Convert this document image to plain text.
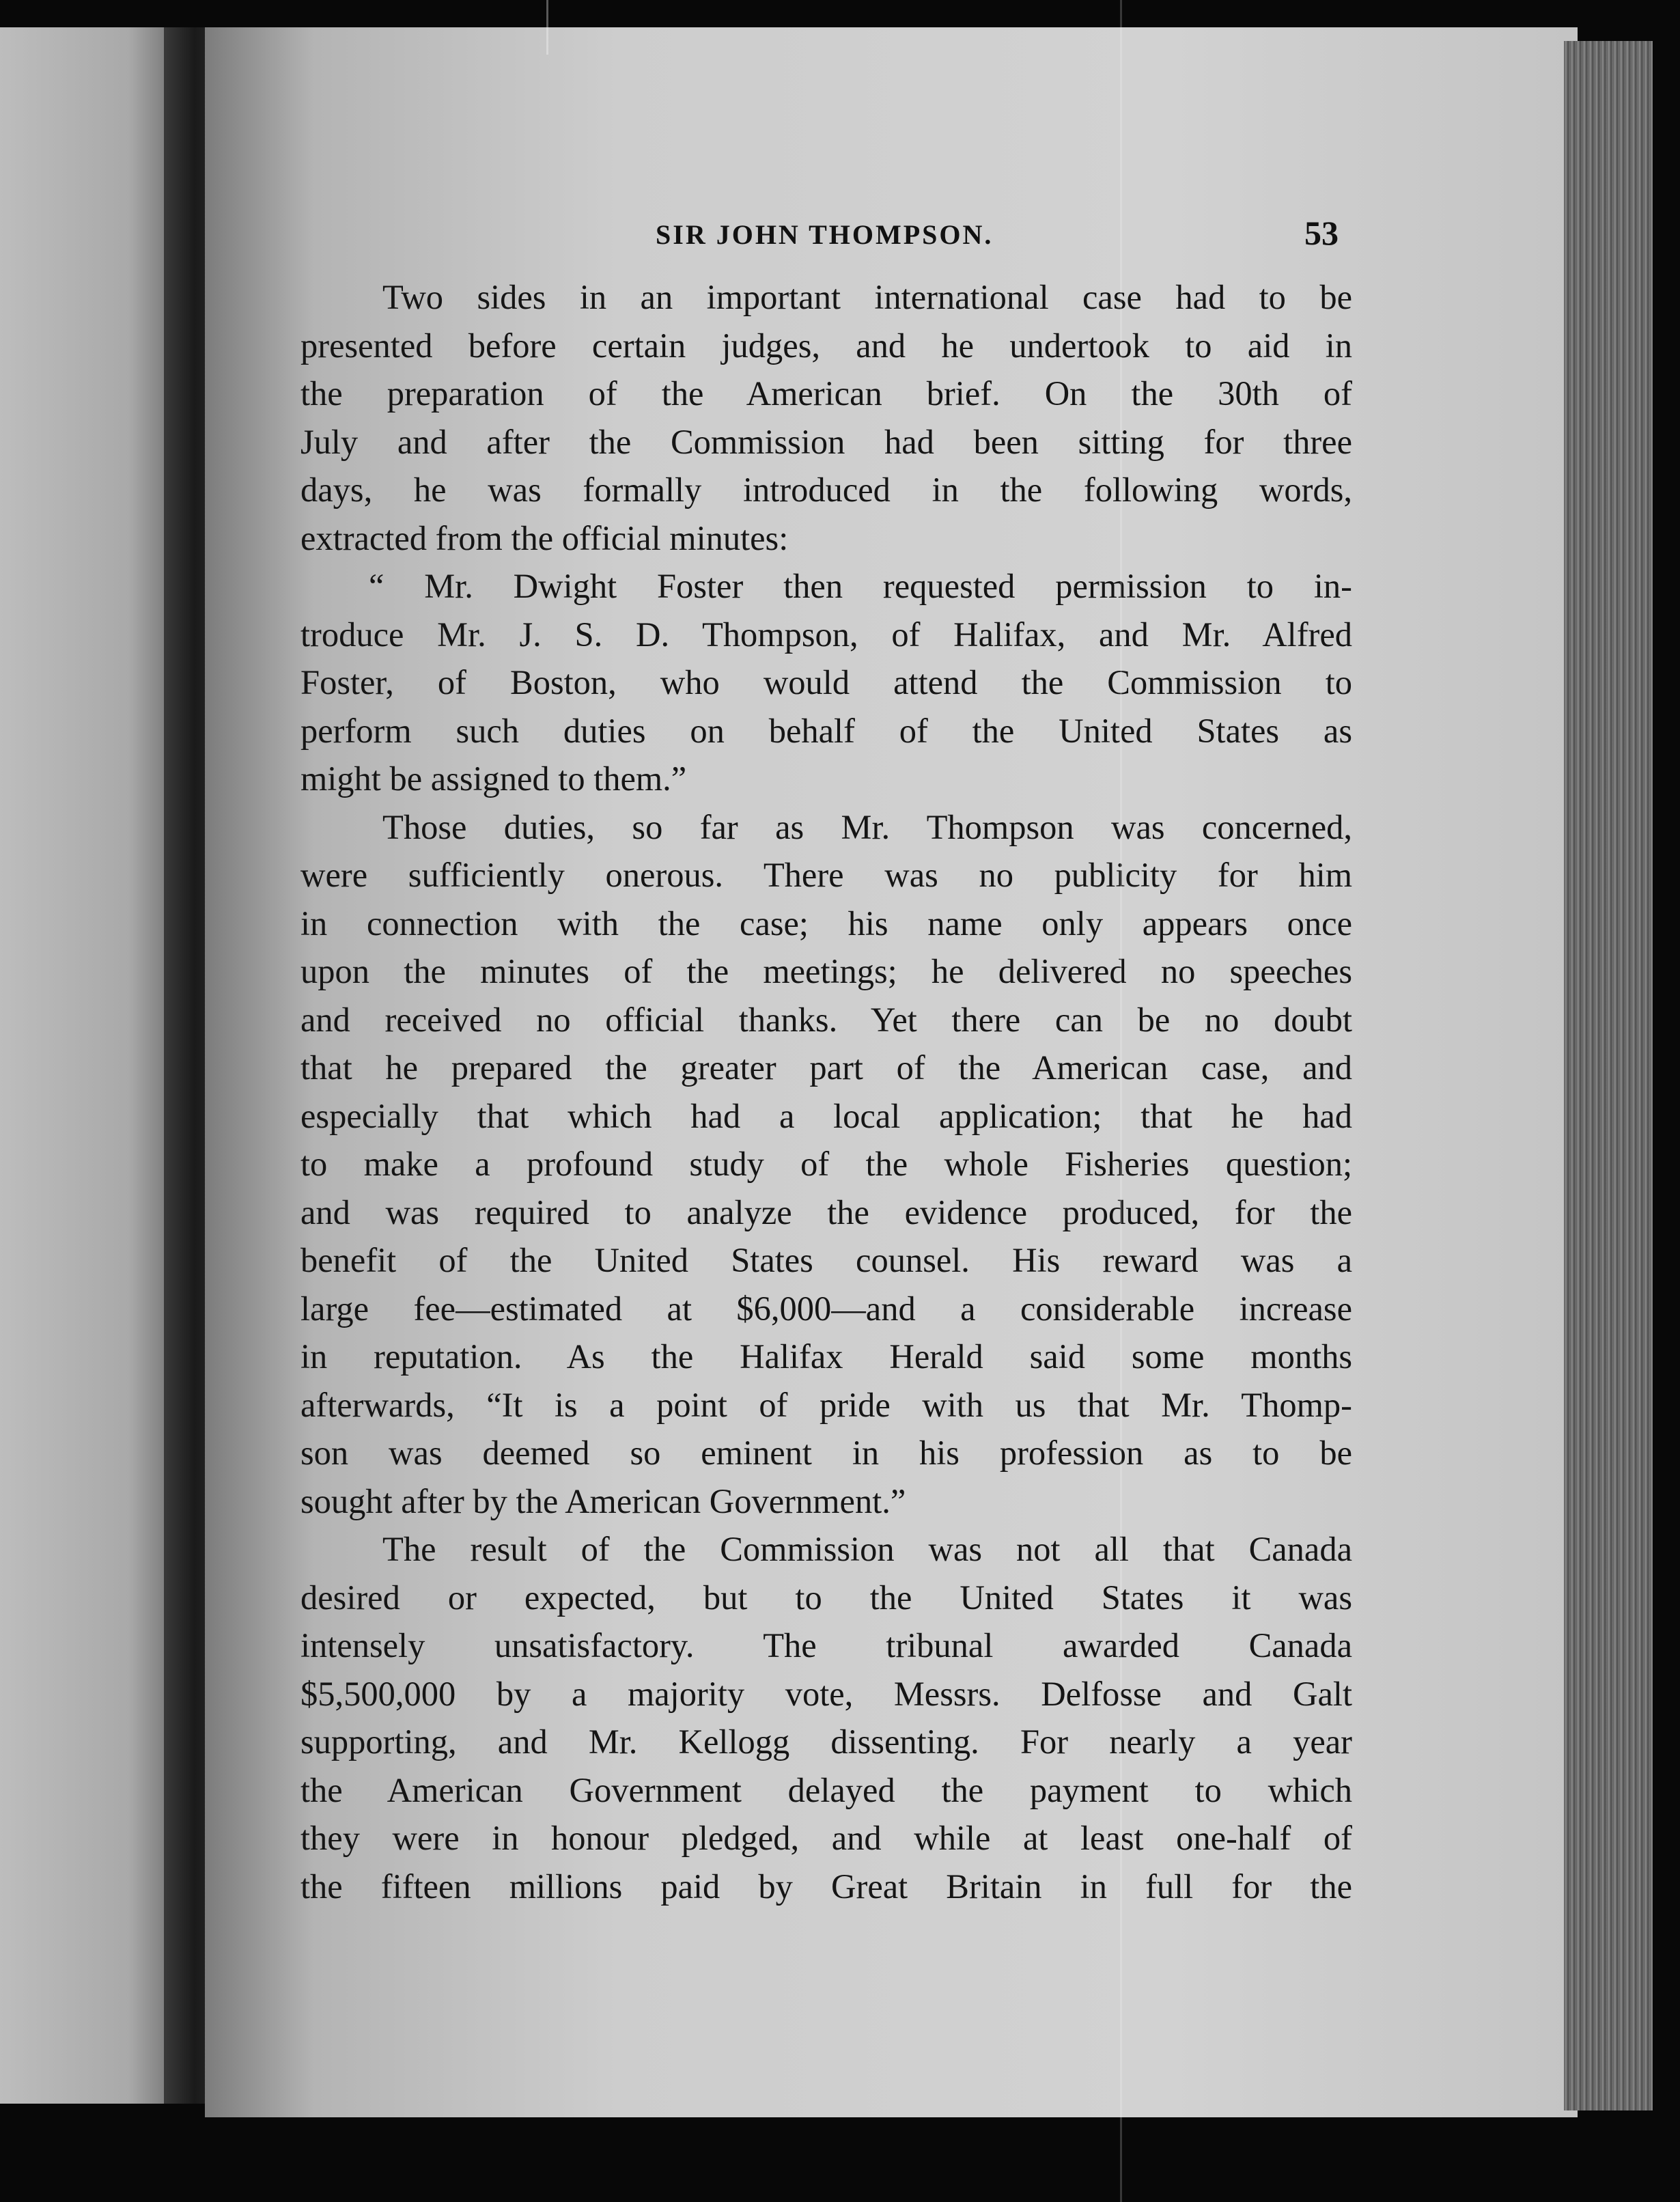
SIR JOHN THOMPSON.	53

Two sides in an important international case had to be
presented before certain judges, and he undertook to aid in
the preparation of the American brief. On the 30th of
July and after the Commission had been sitting for three
days, he was formally introduced in the following words,
extracted from the official minutes:

“ Mr. Dwight Foster then requested permission to in-
troduce Mr. J. S. D. Thompson, of Halifax, and Mr. Alfred
Foster, of Boston, who would attend the Commission to
perform such duties on behalf of the United States as
might be assigned to them.”

Those duties, so far as Mr. Thompson was concerned,
were sufficiently onerous. There was no publicity for him
in connection with the case; his name only appears once
upon the minutes of the meetings; he delivered no speeches
and received no official thanks. Yet there can be no doubt
that he prepared the greater part of the American case, and
especially that which had a local application; that he had
to make a profound study of the whole Fisheries question;
and was required to analyze the evidence produced, for the
benefit of the United States counsel. His reward was a
large fee—estimated at $6,000—and a considerable increase
in reputation. As the Halifax Herald said some months
afterwards, “It is a point of pride with us that Mr. Thomp-
son was deemed so eminent in his profession as to be
sought after by the American Government.”

The result of the Commission was not all that Canada
desired or expected, but to the United States it was
intensely unsatisfactory. The tribunal awarded Canada
$5,500,000 by a majority vote, Messrs. Delfosse and Galt
supporting, and Mr. Kellogg dissenting. For nearly a year
the American Government delayed the payment to which
they were in honour pledged, and while at least one-half of
the fifteen millions paid by Great Britain in full for the
